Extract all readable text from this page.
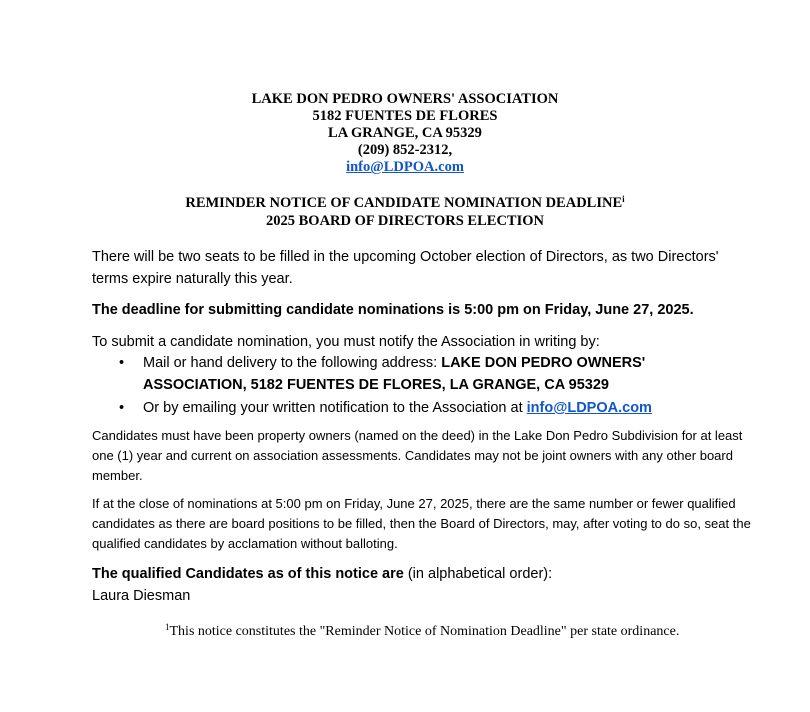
LAKE DON PEDRO OWNERS' ASSOCIATION
5182 FUENTES DE FLORES
LA GRANGE, CA 95329
(209) 852-2312,
info@LDPOA.com
REMINDER NOTICE OF CANDIDATE NOMINATION DEADLINE$^i$
2025 BOARD OF DIRECTORS ELECTION
There will be two seats to be filled in the upcoming October election of Directors, as two Directors' terms expire naturally this year.
The deadline for submitting candidate nominations is 5:00 pm on Friday, June 27, 2025.
To submit a candidate nomination, you must notify the Association in writing by:
• Mail or hand delivery to the following address: LAKE DON PEDRO OWNERS' ASSOCIATION, 5182 FUENTES DE FLORES, LA GRANGE, CA 95329
• Or by emailing your written notification to the Association at info@LDPOA.com
Candidates must have been property owners (named on the deed) in the Lake Don Pedro Subdivision for at least one (1) year and current on association assessments. Candidates may not be joint owners with any other board member.
If at the close of nominations at 5:00 pm on Friday, June 27, 2025, there are the same number or fewer qualified candidates as there are board positions to be filled, then the Board of Directors, may, after voting to do so, seat the qualified candidates by acclamation without balloting.
The qualified Candidates as of this notice are (in alphabetical order):
Laura Diesman
$^1$This notice constitutes the "Reminder Notice of Nomination Deadline" per state ordinance.
